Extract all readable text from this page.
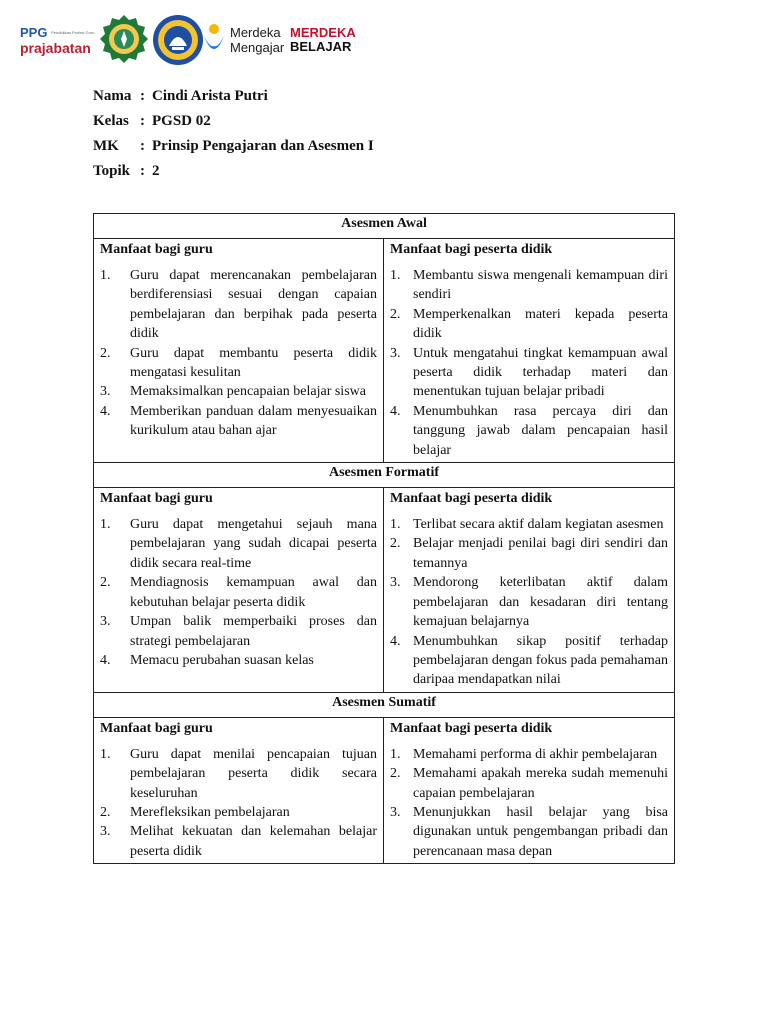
PPG $^{Pendidikan Profesi Guru}$
prajabatan
Merdeka
Mengajar
MERDEKA
BELAJAR
Nama : Cindi Arista Putri
Kelas : PGSD 02
MK	: Prinsip Pengajaran dan Asesmen I
Topik : 2
Asesmen Awal
Manfaat bagi guru
1.	Guru dapat merencanakan pembelajaran berdiferensiasi sesuai dengan capaian pembelajaran dan berpihak pada peserta didik
2.	Guru dapat membantu peserta didik mengatasi kesulitan
3.	Memaksimalkan pencapaian belajar siswa
4.	Memberikan panduan dalam menyesuaikan kurikulum atau bahan ajar
Manfaat bagi peserta didik
1. Membantu siswa mengenali kemampuan diri sendiri
2. Memperkenalkan materi kepada peserta didik
3. Untuk mengatahui tingkat kemampuan awal peserta didik terhadap materi dan menentukan tujuan belajar pribadi
4. Menumbuhkan rasa percaya diri dan tanggung jawab dalam pencapaian hasil belajar
Asesmen Formatif
Manfaat bagi guru
1.	Guru dapat mengetahui sejauh mana pembelajaran yang sudah dicapai peserta didik secara real-time
2.	Mendiagnosis kemampuan awal dan kebutuhan belajar peserta didik
3.	Umpan balik memperbaiki proses dan strategi pembelajaran
4.	Memacu perubahan suasan kelas
Manfaat bagi peserta didik
1. Terlibat secara aktif dalam kegiatan asesmen
2. Belajar menjadi penilai bagi diri sendiri dan temannya
3. Mendorong keterlibatan aktif dalam pembelajaran dan kesadaran diri tentang kemajuan belajarnya
4. Menumbuhkan sikap positif terhadap pembelajaran dengan fokus pada pemahaman daripaa mendapatkan nilai
Asesmen Sumatif
Manfaat bagi guru
1.	Guru dapat menilai pencapaian tujuan pembelajaran peserta didik secara keseluruhan
2.	Merefleksikan pembelajaran
3.	Melihat kekuatan dan kelemahan belajar peserta didik
Manfaat bagi peserta didik
1. Memahami performa di akhir pembelajaran
2. Memahami apakah mereka sudah memenuhi capaian pembelajaran
3. Menunjukkan hasil belajar yang bisa digunakan untuk pengembangan pribadi dan perencanaan masa depan
